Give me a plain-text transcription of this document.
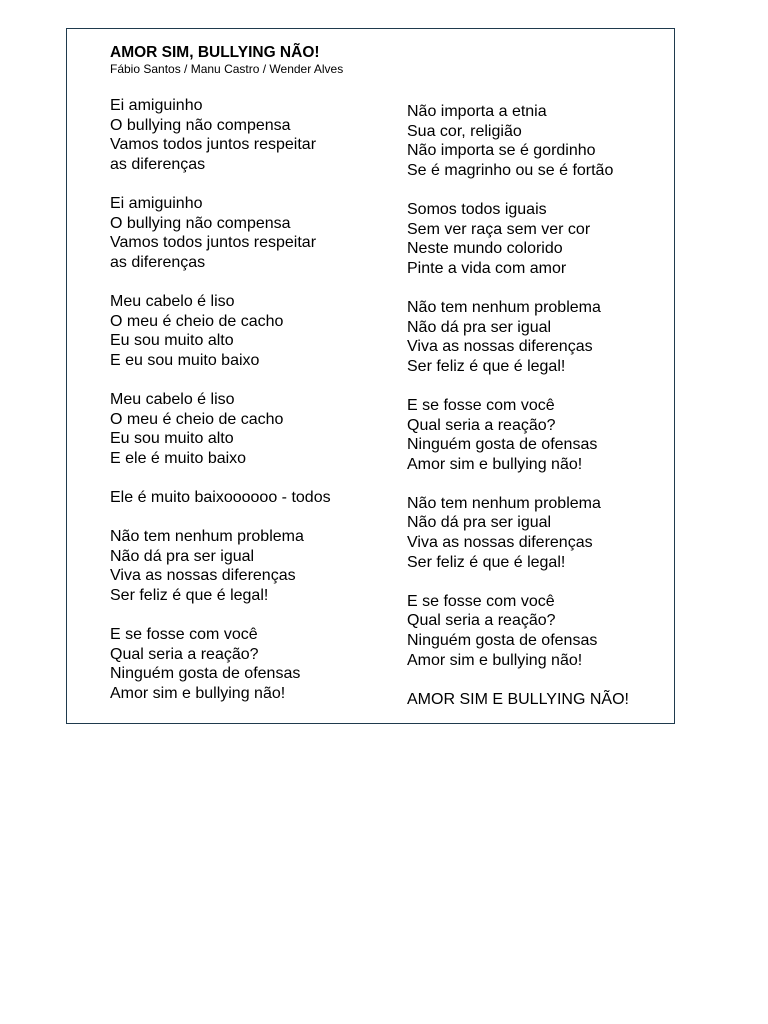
AMOR SIM, BULLYING NÃO!
Fábio Santos / Manu Castro / Wender Alves
Ei amiguinho
O bullying não compensa
Vamos todos juntos respeitar
as diferenças
Ei amiguinho
O bullying não compensa
Vamos todos juntos respeitar
as diferenças
Meu cabelo é liso
O meu é cheio de cacho
Eu sou muito alto
E eu sou muito baixo
Meu cabelo é liso
O meu é cheio de cacho
Eu sou muito alto
E ele é muito baixo
Ele é muito baixoooooo - todos
Não tem nenhum problema
Não dá pra ser igual
Viva as nossas diferenças
Ser feliz é que é legal!
E se fosse com você
Qual seria a reação?
Ninguém gosta de ofensas
Amor sim e bullying não!
Não importa a etnia
Sua cor, religião
Não importa se é gordinho
Se é magrinho ou se é fortão
Somos todos iguais
Sem ver raça sem ver cor
Neste mundo colorido
Pinte a vida com amor
Não tem nenhum problema
Não dá pra ser igual
Viva as nossas diferenças
Ser feliz é que é legal!
E se fosse com você
Qual seria a reação?
Ninguém gosta de ofensas
Amor sim e bullying não!
Não tem nenhum problema
Não dá pra ser igual
Viva as nossas diferenças
Ser feliz é que é legal!
E se fosse com você
Qual seria a reação?
Ninguém gosta de ofensas
Amor sim e bullying não!
AMOR SIM E BULLYING NÃO!
